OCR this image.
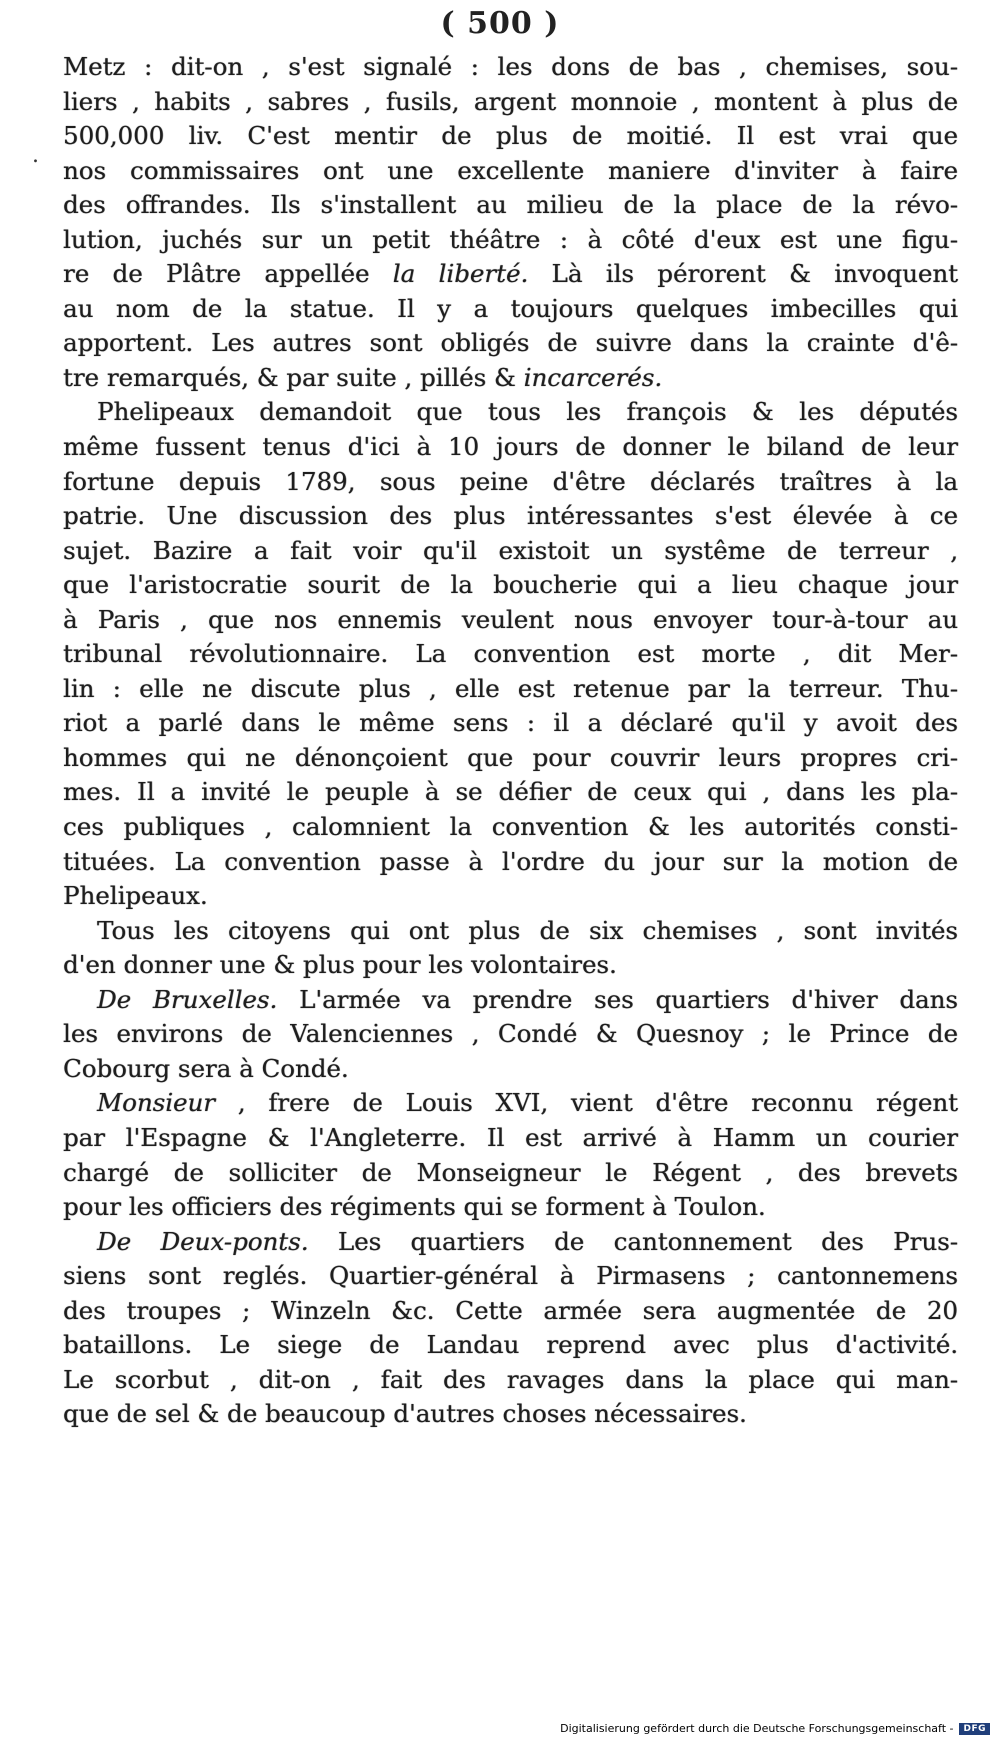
( 500 )
.
Metz : dit-on , s'est signalé : les dons de bas , chemises, sou-
liers , habits , sabres , fusils, argent monnoie , montent à plus de
500,000 liv. C'est mentir de plus de moitié. Il est vrai que
nos commissaires ont une excellente maniere d'inviter à faire
des offrandes. Ils s'installent au milieu de la place de la révo-
lution, juchés sur un petit théâtre : à côté d'eux est une figu-
re de Plâtre appellée la liberté. Là ils pérorent & invoquent
au nom de la statue. Il y a toujours quelques imbecilles qui
apportent. Les autres sont obligés de suivre dans la crainte d'ê-
tre remarqués, & par suite , pillés & incarcerés.
Phelipeaux demandoit que tous les françois & les députés
même fussent tenus d'ici à 10 jours de donner le biland de leur
fortune depuis 1789, sous peine d'être déclarés traîtres à la
patrie. Une discussion des plus intéressantes s'est élevée à ce
sujet. Bazire a fait voir qu'il existoit un systême de terreur ,
que l'aristocratie sourit de la boucherie qui a lieu chaque jour
à Paris , que nos ennemis veulent nous envoyer tour-à-tour au
tribunal révolutionnaire. La convention est morte , dit Mer-
lin : elle ne discute plus , elle est retenue par la terreur. Thu-
riot a parlé dans le même sens : il a déclaré qu'il y avoit des
hommes qui ne dénonçoient que pour couvrir leurs propres cri-
mes. Il a invité le peuple à se défier de ceux qui , dans les pla-
ces publiques , calomnient la convention & les autorités consti-
tituées. La convention passe à l'ordre du jour sur la motion de
Phelipeaux.
Tous les citoyens qui ont plus de six chemises , sont invités
d'en donner une & plus pour les volontaires.
De Bruxelles. L'armée va prendre ses quartiers d'hiver dans
les environs de Valenciennes , Condé & Quesnoy ; le Prince de
Cobourg sera à Condé.
Monsieur , frere de Louis XVI, vient d'être reconnu régent
par l'Espagne & l'Angleterre. Il est arrivé à Hamm un courier
chargé de solliciter de Monseigneur le Régent , des brevets
pour les officiers des régiments qui se forment à Toulon.
De Deux-ponts. Les quartiers de cantonnement des Prus-
siens sont reglés. Quartier-général à Pirmasens ; cantonnemens
des troupes ; Winzeln &c. Cette armée sera augmentée de 20
bataillons. Le siege de Landau reprend avec plus d'activité.
Le scorbut , dit-on , fait des ravages dans la place qui man-
que de sel & de beaucoup d'autres choses nécessaires.
Digitalisierung gefördert durch die Deutsche Forschungsgemeinschaft -	DFG
